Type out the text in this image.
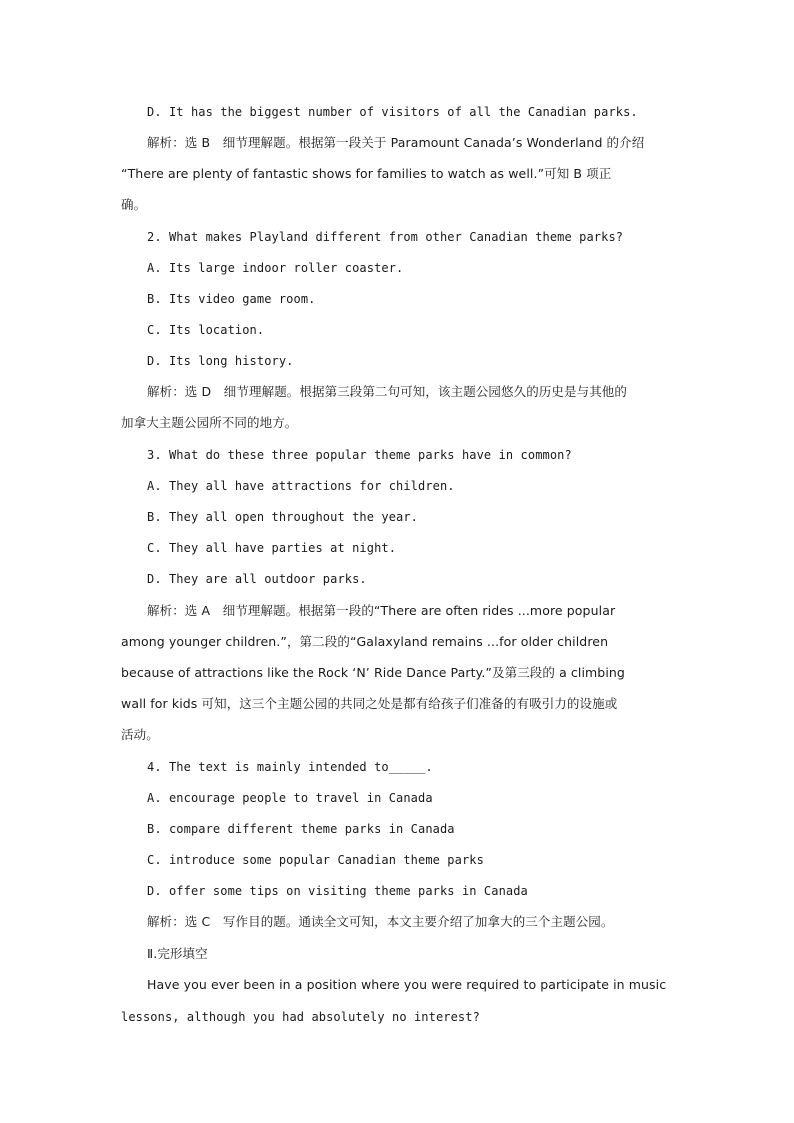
D. It has the biggest number of visitors of all the Canadian parks.
解析：选 B　细节理解题。根据第一段关于 Paramount Canada’s Wonderland 的介绍
“There are plenty of fantastic shows for families to watch as well.”可知 B 项正
确。
2. What makes Playland different from other Canadian theme parks?
A. Its large indoor roller coaster.
B. Its video game room.
C. Its location.
D. Its long history.
解析：选 D　细节理解题。根据第三段第二句可知，该主题公园悠久的历史是与其他的
加拿大主题公园所不同的地方。
3. What do these three popular theme parks have in common?
A. They all have attractions for children.
B. They all open throughout the year.
C. They all have parties at night.
D. They are all outdoor parks.
解析：选 A　细节理解题。根据第一段的“There are often rides ...more popular
among younger children.”，第二段的“Galaxyland remains ...for older children
because of attractions like the Rock ‘N’ Ride Dance Party.”及第三段的 a climbing
wall for kids 可知，这三个主题公园的共同之处是都有给孩子们准备的有吸引力的设施或
活动。
4. The text is mainly intended to_____.
A. encourage people to travel in Canada
B. compare different theme parks in Canada
C. introduce some popular Canadian theme parks
D. offer some tips on visiting theme parks in Canada
解析：选 C　写作目的题。通读全文可知，本文主要介绍了加拿大的三个主题公园。
Ⅱ.完形填空
Have you ever been in a position where you were required to participate in music
lessons, although you had absolutely no interest?
